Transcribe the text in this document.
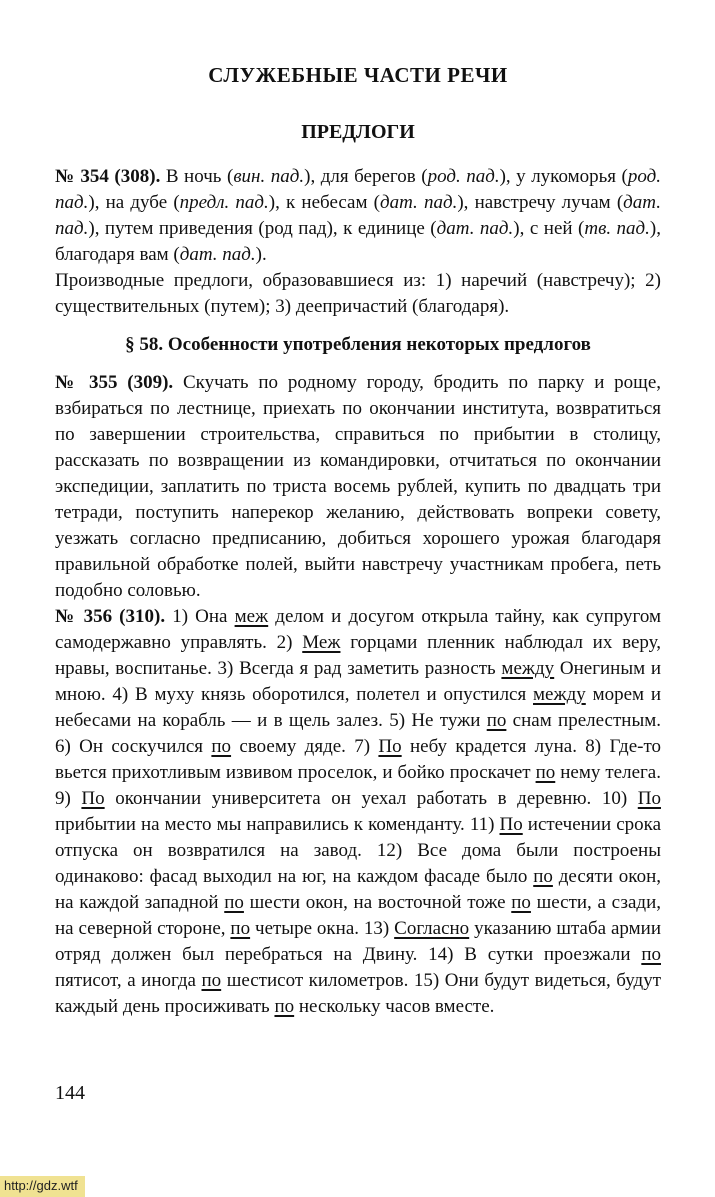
СЛУЖЕБНЫЕ ЧАСТИ РЕЧИ
ПРЕДЛОГИ

№ 354 (308). В ночь (вин. пад.), для берегов (род. пад.), у лукоморья (род. пад.), на дубе (предл. пад.), к небесам (дат. пад.), навстречу лучам (дат. пад.), путем приведения (род пад), к единице (дат. пад.), с ней (тв. пад.), благодаря вам (дат. пад.).

Производные предлоги, образовавшиеся из: 1) наречий (навстречу); 2) существительных (путем); 3) деепричастий (благодаря).

§ 58. Особенности употребления некоторых предлогов

№ 355 (309). Скучать по родному городу, бродить по парку и роще, взбираться по лестнице, приехать по окончании института, возвратиться по завершении строительства, справиться по прибытии в столицу, рассказать по возвращении из командировки, отчитаться по окончании экспедиции, заплатить по триста восемь рублей, купить по двадцать три тетради, поступить наперекор желанию, действовать вопреки совету, уезжать согласно предписанию, добиться хорошего урожая благодаря правильной обработке полей, выйти навстречу участникам пробега, петь подобно соловью.

№ 356 (310). 1) Она меж делом и досугом открыла тайну, как супругом самодержавно управлять. 2) Меж горцами пленник наблюдал их веру, нравы, воспитанье. 3) Всегда я рад заметить разность между Онегиным и мною. 4) В муху князь оборотился, полетел и опустился между морем и небесами на корабль — и в щель залез. 5) Не тужи по снам прелестным. 6) Он соскучился по своему дяде. 7) По небу крадется луна. 8) Где-то вьется прихотливым извивом проселок, и бойко проскачет по нему телега. 9) По окончании университета он уехал работать в деревню. 10) По прибытии на место мы направились к коменданту. 11) По истечении срока отпуска он возвратился на завод. 12) Все дома были построены одинаково: фасад выходил на юг, на каждом фасаде было по десяти окон, на каждой западной по шести окон, на восточной тоже по шести, а сзади, на северной стороне, по четыре окна. 13) Согласно указанию штаба армии отряд должен был перебраться на Двину. 14) В сутки проезжали по пятисот, а иногда по шестисот километров. 15) Они будут видеться, будут каждый день просиживать по нескольку часов вместе.

144
http://gdz.wtf
